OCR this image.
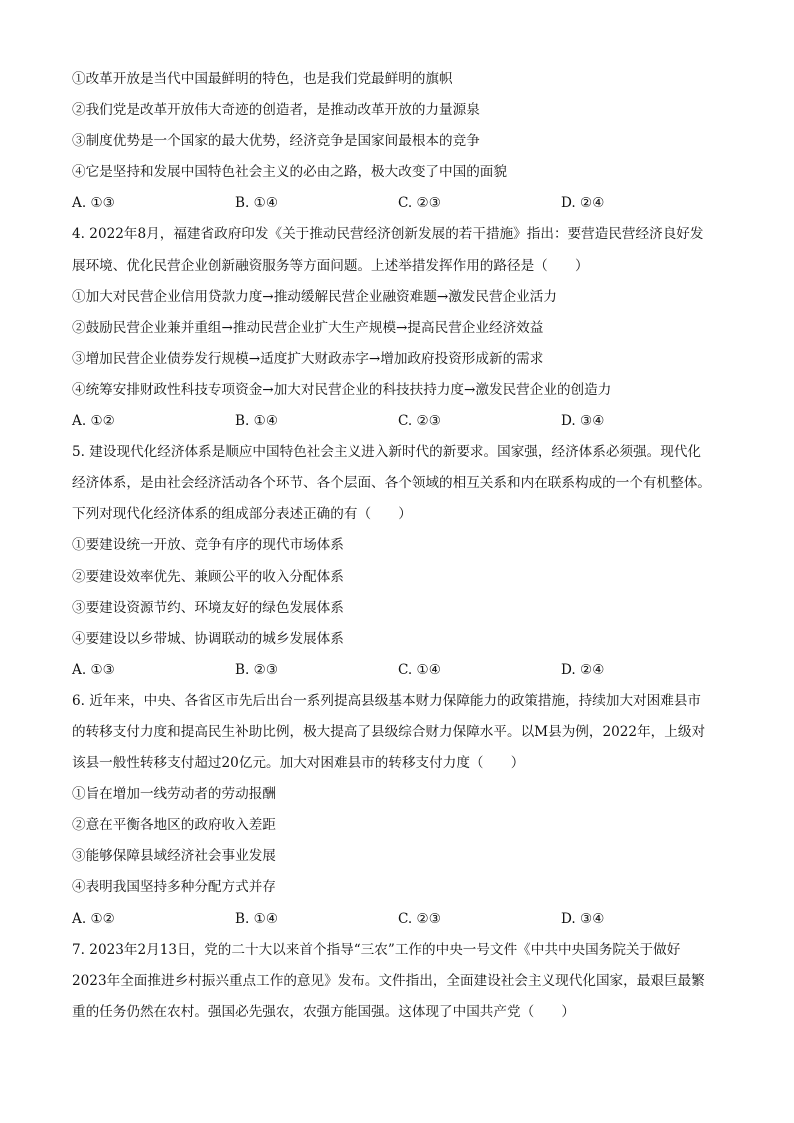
①改革开放是当代中国最鲜明的特色，也是我们党最鲜明的旗帜
②我们党是改革开放伟大奇迹的创造者，是推动改革开放的力量源泉
③制度优势是一个国家的最大优势，经济竞争是国家间最根本的竞争
④它是坚持和发展中国特色社会主义的必由之路，极大改变了中国的面貌
A. ①③	B. ①④	C. ②③	D. ②④
4. 2022年8月，福建省政府印发《关于推动民营经济创新发展的若干措施》指出：要营造民营经济良好发
展环境、优化民营企业创新融资服务等方面问题。上述举措发挥作用的路径是（　　）
①加大对民营企业信用贷款力度→推动缓解民营企业融资难题→激发民营企业活力
②鼓励民营企业兼并重组→推动民营企业扩大生产规模→提高民营企业经济效益
③增加民营企业债券发行规模→适度扩大财政赤字→增加政府投资形成新的需求
④统筹安排财政性科技专项资金→加大对民营企业的科技扶持力度→激发民营企业的创造力
A. ①②	B. ①④	C. ②③	D. ③④
5. 建设现代化经济体系是顺应中国特色社会主义进入新时代的新要求。国家强，经济体系必须强。现代化
经济体系，是由社会经济活动各个环节、各个层面、各个领域的相互关系和内在联系构成的一个有机整体。
下列对现代化经济体系的组成部分表述正确的有（　　）
①要建设统一开放、竞争有序的现代市场体系
②要建设效率优先、兼顾公平的收入分配体系
③要建设资源节约、环境友好的绿色发展体系
④要建设以乡带城、协调联动的城乡发展体系
A. ①③	B. ②③	C. ①④	D. ②④
6. 近年来，中央、各省区市先后出台一系列提高县级基本财力保障能力的政策措施，持续加大对困难县市
的转移支付力度和提高民生补助比例，极大提高了县级综合财力保障水平。以M县为例，2022年，上级对
该县一般性转移支付超过20亿元。加大对困难县市的转移支付力度（　　）
①旨在增加一线劳动者的劳动报酬
②意在平衡各地区的政府收入差距
③能够保障县域经济社会事业发展
④表明我国坚持多种分配方式并存
A. ①②	B. ①④	C. ②③	D. ③④
7. 2023年2月13日，党的二十大以来首个指导“三农”工作的中央一号文件《中共中央国务院关于做好
2023年全面推进乡村振兴重点工作的意见》发布。文件指出，全面建设社会主义现代化国家，最艰巨最繁
重的任务仍然在农村。强国必先强农，农强方能国强。这体现了中国共产党（　　）
